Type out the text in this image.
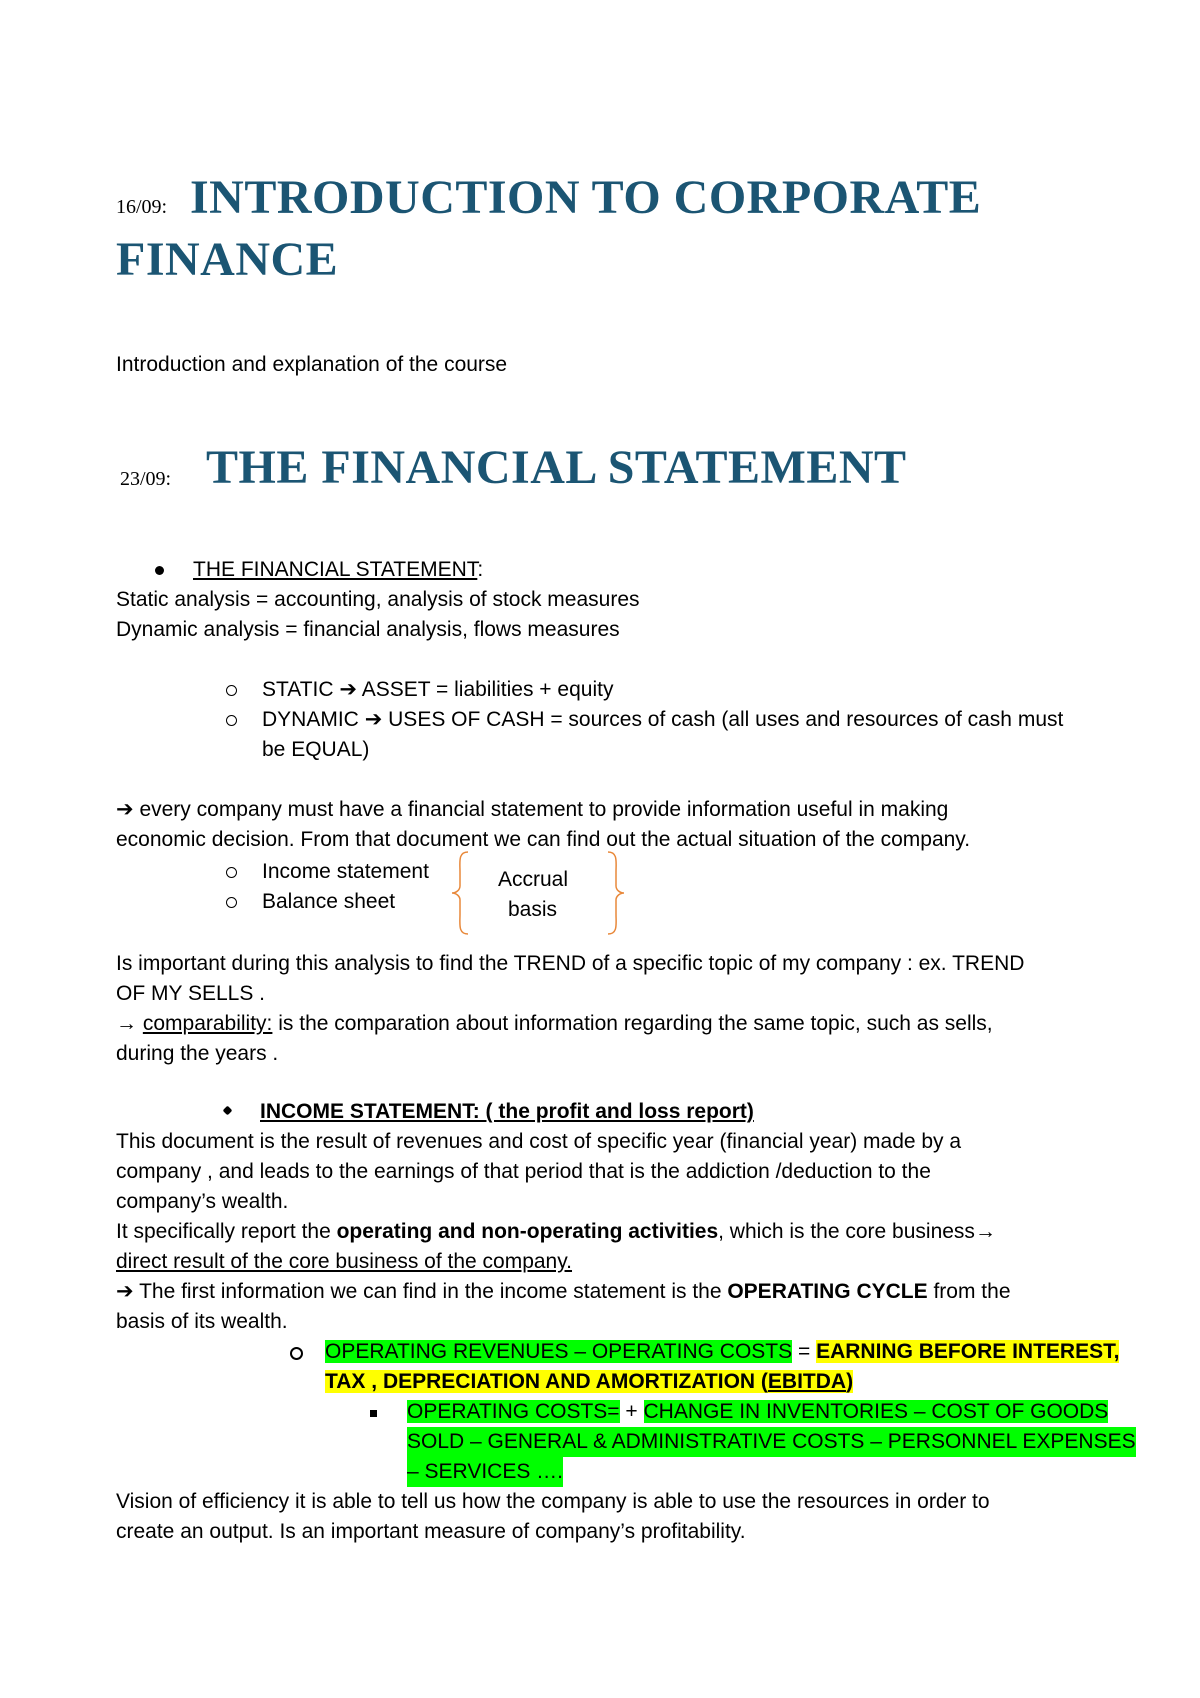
16/09: INTRODUCTION TO CORPORATE
FINANCE
Introduction and explanation of the course
23/09: THE FINANCIAL STATEMENT
THE FINANCIAL STATEMENT:
Static analysis = accounting, analysis of stock measures
Dynamic analysis = financial analysis, flows measures
STATIC ➔ ASSET = liabilities + equity
DYNAMIC ➔ USES OF CASH = sources of cash (all uses and resources of cash must
be EQUAL)
➔ every company must have a financial statement to provide information useful in making
economic decision. From that document we can find out the actual situation of the company.
Income statement
Balance sheet
Accrual
basis
Is important during this analysis to find the TREND of a specific topic of my company : ex. TREND
OF MY SELLS .
→ comparability: is the comparation about information regarding the same topic, such as sells,
during the years .
INCOME STATEMENT: ( the profit and loss report)
This document is the result of revenues and cost of specific year (financial year) made by a
company , and leads to the earnings of that period that is the addiction /deduction to the
company’s wealth.
It specifically report the operating and non-operating activities, which is the core business→
direct result of the core business of the company.
➔ The first information we can find in the income statement is the OPERATING CYCLE from the
basis of its wealth.
OPERATING REVENUES – OPERATING COSTS = EARNING BEFORE INTEREST,
TAX , DEPRECIATION AND AMORTIZATION (EBITDA)
OPERATING COSTS= + CHANGE IN INVENTORIES – COST OF GOODS
SOLD – GENERAL & ADMINISTRATIVE COSTS – PERSONNEL EXPENSES
– SERVICES ….
Vision of efficiency it is able to tell us how the company is able to use the resources in order to
create an output. Is an important measure of company’s profitability.
